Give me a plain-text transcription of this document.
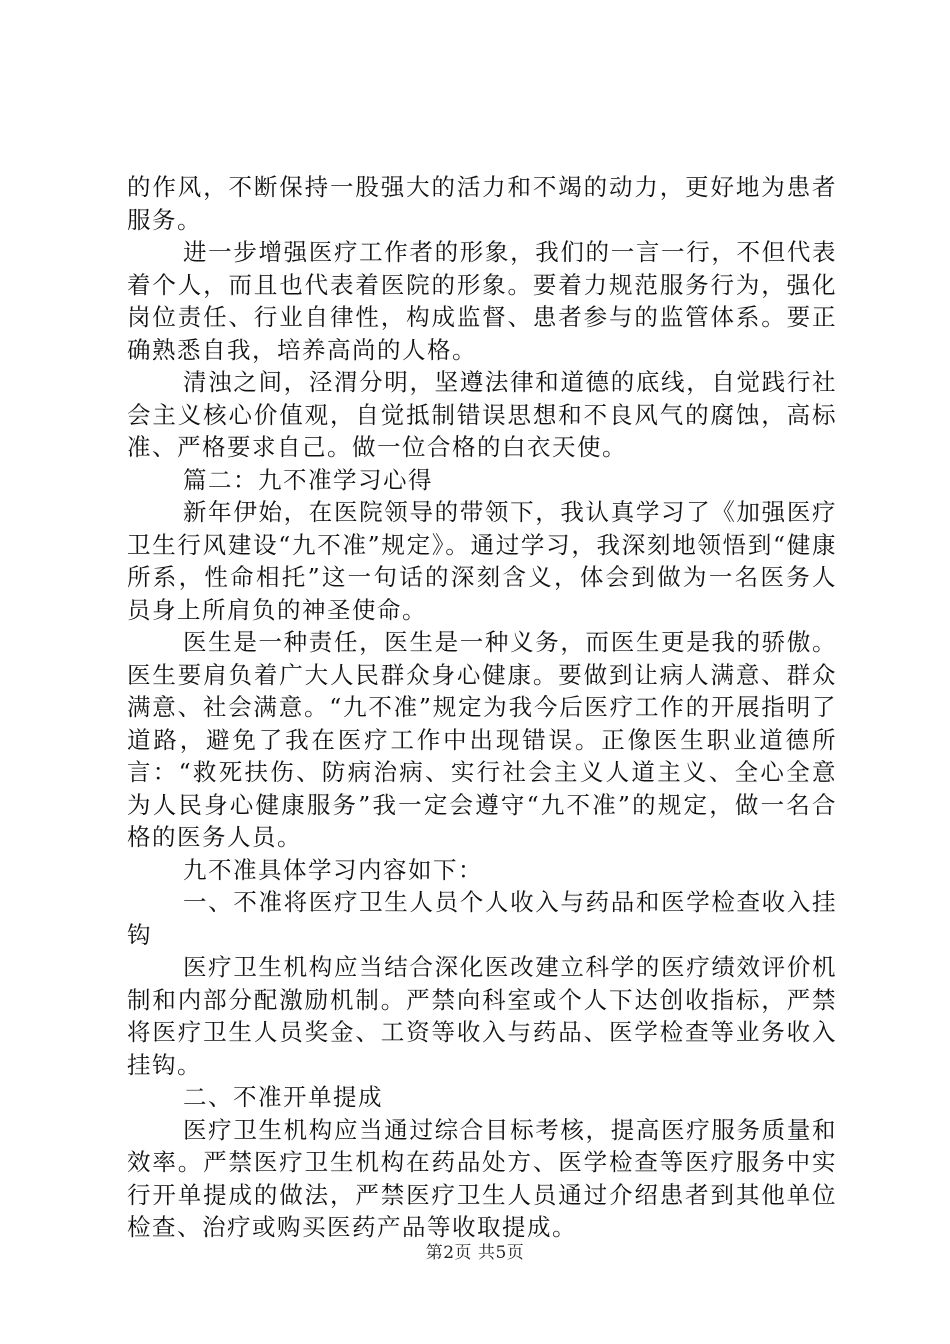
的作风，不断保持一股强大的活力和不竭的动力，更好地为患者服务。

进一步增强医疗工作者的形象，我们的一言一行，不但代表着个人，而且也代表着医院的形象。要着力规范服务行为，强化岗位责任、行业自律性，构成监督、患者参与的监管体系。要正确熟悉自我，培养高尚的人格。

清浊之间，泾渭分明，坚遵法律和道德的底线，自觉践行社会主义核心价值观，自觉抵制错误思想和不良风气的腐蚀，高标准、严格要求自己。做一位合格的白衣天使。

篇二：九不准学习心得

新年伊始，在医院领导的带领下，我认真学习了《加强医疗卫生行风建设“九不准”规定》。通过学习，我深刻地领悟到“健康所系，性命相托”这一句话的深刻含义，体会到做为一名医务人员身上所肩负的神圣使命。

医生是一种责任，医生是一种义务，而医生更是我的骄傲。医生要肩负着广大人民群众身心健康。要做到让病人满意、群众满意、社会满意。“九不准”规定为我今后医疗工作的开展指明了道路，避免了我在医疗工作中出现错误。正像医生职业道德所言：“救死扶伤、防病治病、实行社会主义人道主义、全心全意为人民身心健康服务”我一定会遵守“九不准”的规定，做一名合格的医务人员。

九不准具体学习内容如下：

一、不准将医疗卫生人员个人收入与药品和医学检查收入挂钩

医疗卫生机构应当结合深化医改建立科学的医疗绩效评价机制和内部分配激励机制。严禁向科室或个人下达创收指标，严禁将医疗卫生人员奖金、工资等收入与药品、医学检查等业务收入挂钩。

二、不准开单提成

医疗卫生机构应当通过综合目标考核，提高医疗服务质量和效率。严禁医疗卫生机构在药品处方、医学检查等医疗服务中实行开单提成的做法，严禁医疗卫生人员通过介绍患者到其他单位检查、治疗或购买医药产品等收取提成。

第2页 共5页
